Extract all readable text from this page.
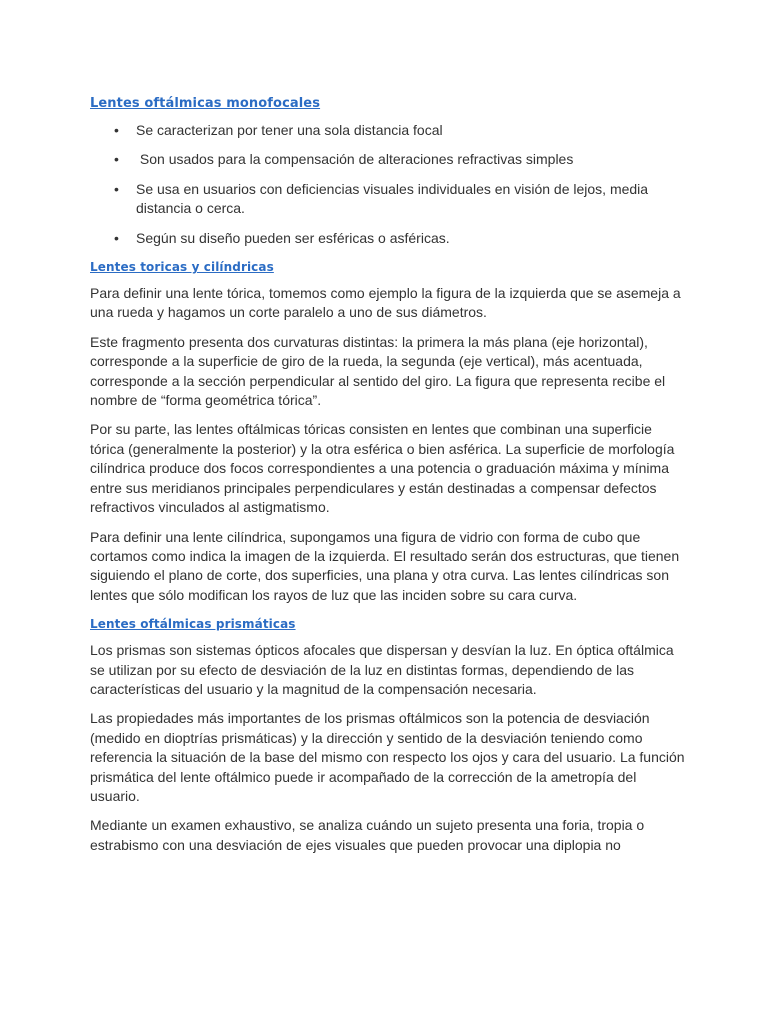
Lentes oftálmicas monofocales
• Se caracterizan por tener una sola distancia focal
• Son usados para la compensación de alteraciones refractivas simples
• Se usa en usuarios con deficiencias visuales individuales en visión de lejos, media distancia o cerca.
• Según su diseño pueden ser esféricas o asféricas.
Lentes toricas y cilíndricas

Para definir una lente tórica, tomemos como ejemplo la figura de la izquierda que se asemeja a una rueda y hagamos un corte paralelo a uno de sus diámetros.

Este fragmento presenta dos curvaturas distintas: la primera la más plana (eje horizontal), corresponde a la superficie de giro de la rueda, la segunda (eje vertical), más acentuada, corresponde a la sección perpendicular al sentido del giro. La figura que representa recibe el nombre de “forma geométrica tórica”.

Por su parte, las lentes oftálmicas tóricas consisten en lentes que combinan una superficie tórica (generalmente la posterior) y la otra esférica o bien asférica. La superficie de morfología cilíndrica produce dos focos correspondientes a una potencia o graduación máxima y mínima entre sus meridianos principales perpendiculares y están destinadas a compensar defectos refractivos vinculados al astigmatismo.

Para definir una lente cilíndrica, supongamos una figura de vidrio con forma de cubo que cortamos como indica la imagen de la izquierda. El resultado serán dos estructuras, que tienen siguiendo el plano de corte, dos superficies, una plana y otra curva. Las lentes cilíndricas son lentes que sólo modifican los rayos de luz que las inciden sobre su cara curva.

Lentes oftálmicas prismáticas

Los prismas son sistemas ópticos afocales que dispersan y desvían la luz. En óptica oftálmica se utilizan por su efecto de desviación de la luz en distintas formas, dependiendo de las características del usuario y la magnitud de la compensación necesaria.

Las propiedades más importantes de los prismas oftálmicos son la potencia de desviación (medido en dioptrías prismáticas) y la dirección y sentido de la desviación teniendo como referencia la situación de la base del mismo con respecto los ojos y cara del usuario. La función prismática del lente oftálmico puede ir acompañado de la corrección de la ametropía del usuario.

Mediante un examen exhaustivo, se analiza cuándo un sujeto presenta una foria, tropia o estrabismo con una desviación de ejes visuales que pueden provocar una diplopia no
